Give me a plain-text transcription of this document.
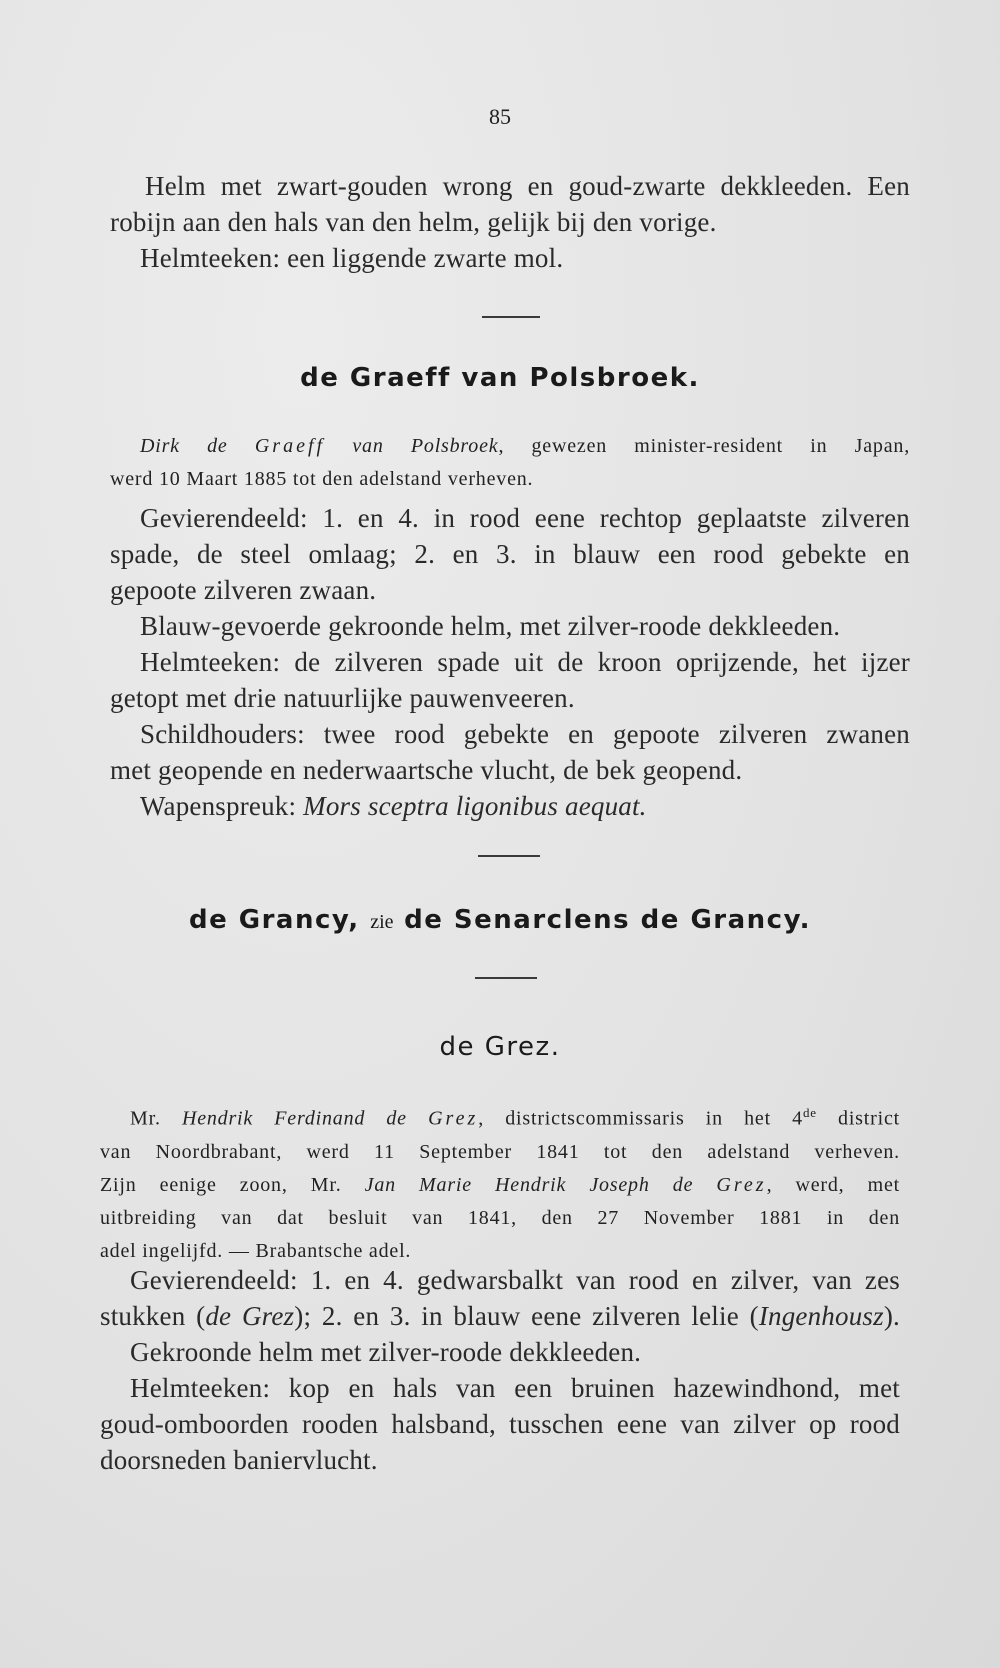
85
Helm met zwart-gouden wrong en goud-zwarte dekkleeden. Een
robijn aan den hals van den helm, gelijk bij den vorige.
Helmteeken: een liggende zwarte mol.
de Graeff van Polsbroek.
Dirk de Graeff van Polsbroek, gewezen minister-resident in Japan,
werd 10 Maart 1885 tot den adelstand verheven.
Gevierendeeld: 1. en 4. in rood eene rechtop geplaatste zilveren
spade, de steel omlaag; 2. en 3. in blauw een rood gebekte en
gepoote zilveren zwaan.
Blauw-gevoerde gekroonde helm, met zilver-roode dekkleeden.
Helmteeken: de zilveren spade uit de kroon oprijzende, het ijzer
getopt met drie natuurlijke pauwenveeren.
Schildhouders: twee rood gebekte en gepoote zilveren zwanen
met geopende en nederwaartsche vlucht, de bek geopend.
Wapenspreuk: Mors sceptra ligonibus aequat.
de Grancy, zie de Senarclens de Grancy.
de Grez.
Mr. Hendrik Ferdinand de Grez, districtscommissaris in het 4de district
van Noordbrabant, werd 11 September 1841 tot den adelstand verheven.
Zijn eenige zoon, Mr. Jan Marie Hendrik Joseph de Grez, werd, met
uitbreiding van dat besluit van 1841, den 27 November 1881 in den
adel ingelijfd. — Brabantsche adel.
Gevierendeeld: 1. en 4. gedwarsbalkt van rood en zilver, van zes
stukken (de Grez); 2. en 3. in blauw eene zilveren lelie (Ingenhousz).
Gekroonde helm met zilver-roode dekkleeden.
Helmteeken: kop en hals van een bruinen hazewindhond, met
goud-omboorden rooden halsband, tusschen eene van zilver op rood
doorsneden baniervlucht.
